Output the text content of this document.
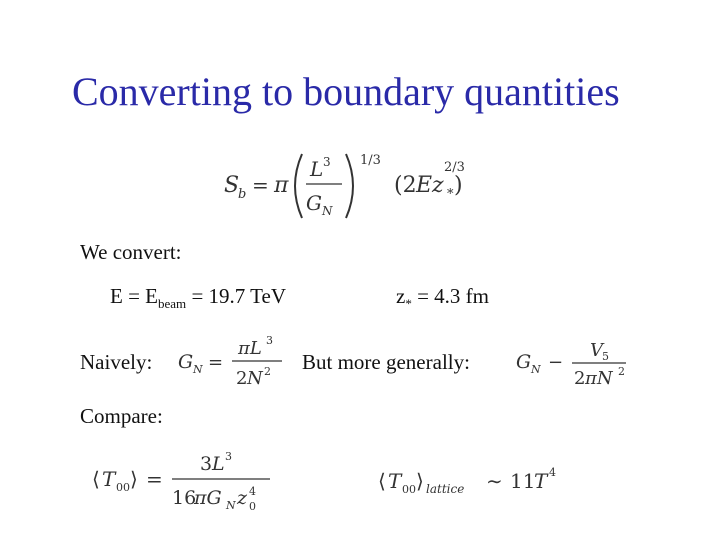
Converting to boundary quantities
S
b = π
L 3
G N
1/3
(2 Ez * )
2/3
We convert:
$E = E_{beam} = 19.7$ TeV	$z_* = 4.3$ fm
Naively: G N =
πL 3
2 N 2 But more generally: G N −
V 5
2 πN 2
Compare:
⟨ T 00 ⟩ =
3 L 3
16
πG N z 4
0
⟨ T 00 ⟩ lattice ∼ 11
T 4
